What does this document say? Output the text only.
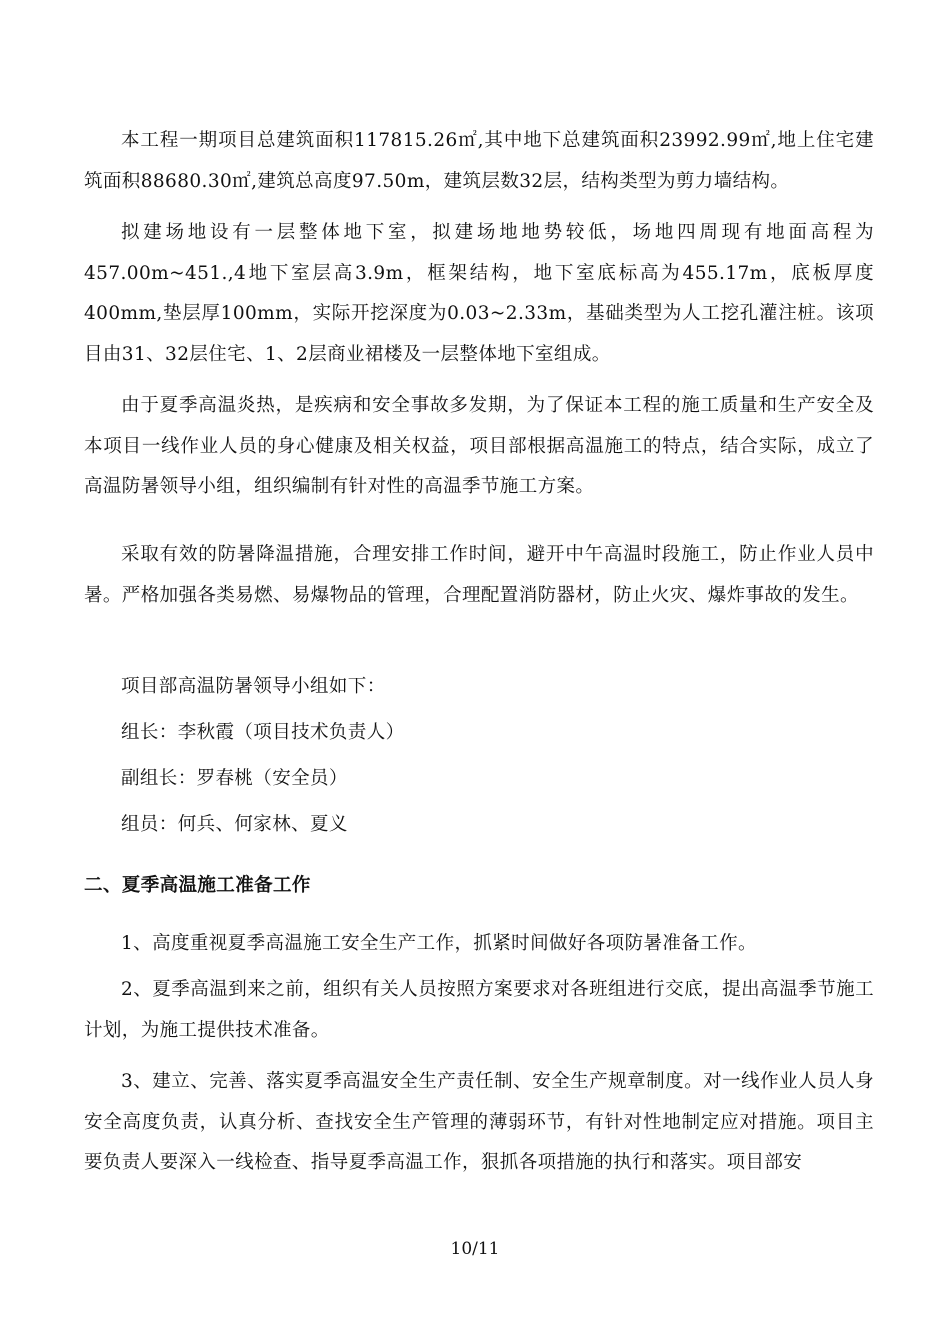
本工程一期项目总建筑面积117815.26㎡,其中地下总建筑面积23992.99㎡,地上住宅建筑面积88680.30㎡,建筑总高度97.50m，建筑层数32层，结构类型为剪力墙结构。

拟建场地设有一层整体地下室，拟建场地地势较低，场地四周现有地面高程为457.00m~451.,4地下室层高3.9m，框架结构，地下室底标高为455.17m，底板厚度400mm,垫层厚100mm，实际开挖深度为0.03~2.33m，基础类型为人工挖孔灌注桩。该项目由31、32层住宅、1、2层商业裙楼及一层整体地下室组成。

由于夏季高温炎热，是疾病和安全事故多发期，为了保证本工程的施工质量和生产安全及本项目一线作业人员的身心健康及相关权益，项目部根据高温施工的特点，结合实际，成立了高温防暑领导小组，组织编制有针对性的高温季节施工方案。

采取有效的防暑降温措施，合理安排工作时间，避开中午高温时段施工，防止作业人员中暑。严格加强各类易燃、易爆物品的管理，合理配置消防器材，防止火灾、爆炸事故的发生。

项目部高温防暑领导小组如下：

组长：李秋霞（项目技术负责人）

副组长：罗春桃（安全员）

组员：何兵、何家林、夏义

二、夏季高温施工准备工作

1、高度重视夏季高温施工安全生产工作，抓紧时间做好各项防暑准备工作。

2、夏季高温到来之前，组织有关人员按照方案要求对各班组进行交底，提出高温季节施工计划，为施工提供技术准备。

3、建立、完善、落实夏季高温安全生产责任制、安全生产规章制度。对一线作业人员人身安全高度负责，认真分析、查找安全生产管理的薄弱环节，有针对性地制定应对措施。项目主要负责人要深入一线检查、指导夏季高温工作，狠抓各项措施的执行和落实。项目部安

10/11
